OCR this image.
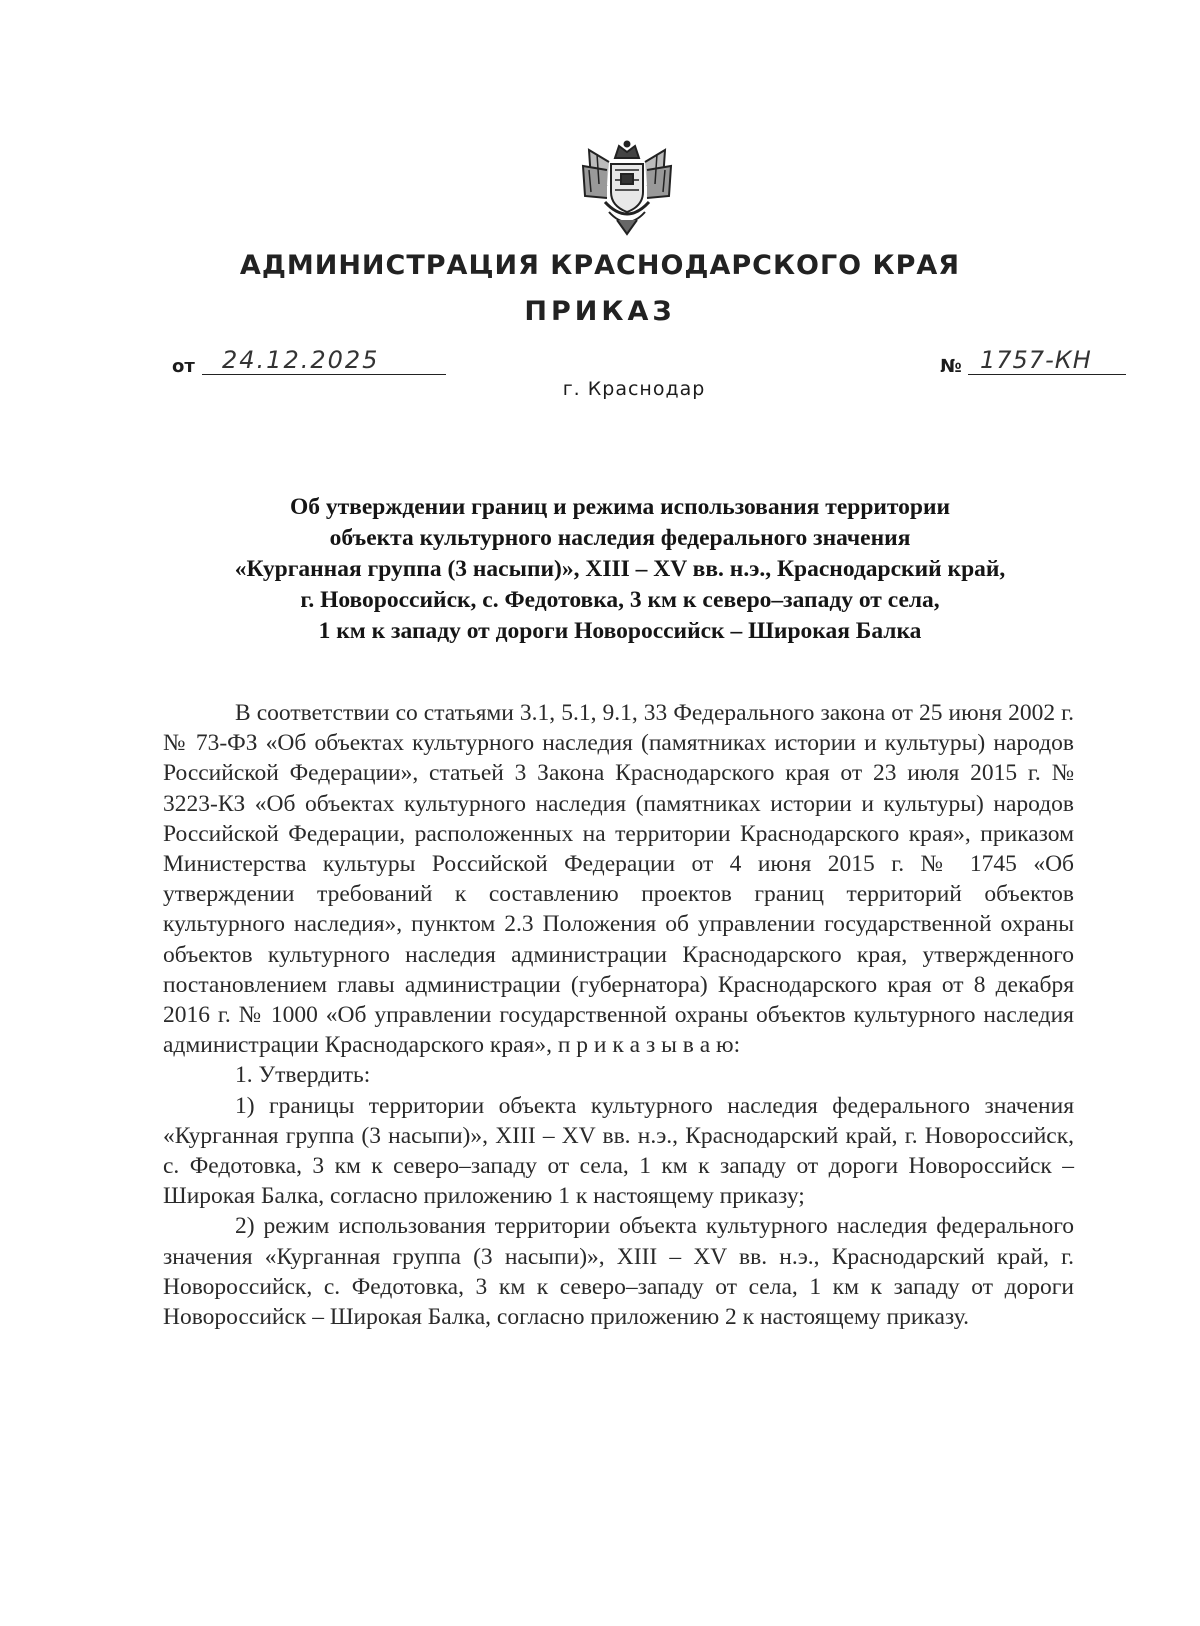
АДМИНИСТРАЦИЯ КРАСНОДАРСКОГО КРАЯ
ПРИКАЗ
от 24.12.2025	№ 1757-КН
г. Краснодар
Об утверждении границ и режима использования территории
объекта культурного наследия федерального значения
«Курганная группа (3 насыпи)», XIII – XV вв. н.э., Краснодарский край,
г. Новороссийск, с. Федотовка, 3 км к северо–западу от села,
1 км к западу от дороги Новороссийск – Широкая Балка

В соответствии со статьями 3.1, 5.1, 9.1, 33 Федерального закона от 25 июня 2002 г. № 73-ФЗ «Об объектах культурного наследия (памятниках истории и культуры) народов Российской Федерации», статьей 3 Закона Краснодарского края от 23 июля 2015 г. № 3223-КЗ «Об объектах культурного наследия (памятниках истории и культуры) народов Российской Федерации, расположенных на территории Краснодарского края», приказом Министерства культуры Российской Федерации от 4 июня 2015 г. № 1745 «Об утверждении требований к составлению проектов границ территорий объектов культурного наследия», пунктом 2.3 Положения об управлении государственной охраны объектов культурного наследия администрации Краснодарского края, утвержденного постановлением главы администрации (губернатора) Краснодарского края от 8 декабря 2016 г. № 1000 «Об управлении государственной охраны объектов культурного наследия администрации Краснодарского края», п р и к а з ы в а ю:

1. Утвердить:

1) границы территории объекта культурного наследия федерального значения «Курганная группа (3 насыпи)», XIII – XV вв. н.э., Краснодарский край, г. Новороссийск, с. Федотовка, 3 км к северо–западу от села, 1 км к западу от дороги Новороссийск – Широкая Балка, согласно приложению 1 к настоящему приказу;

2) режим использования территории объекта культурного наследия федерального значения «Курганная группа (3 насыпи)», XIII – XV вв. н.э., Краснодарский край, г. Новороссийск, с. Федотовка, 3 км к северо–западу от села, 1 км к западу от дороги Новороссийск – Широкая Балка, согласно приложению 2 к настоящему приказу.
